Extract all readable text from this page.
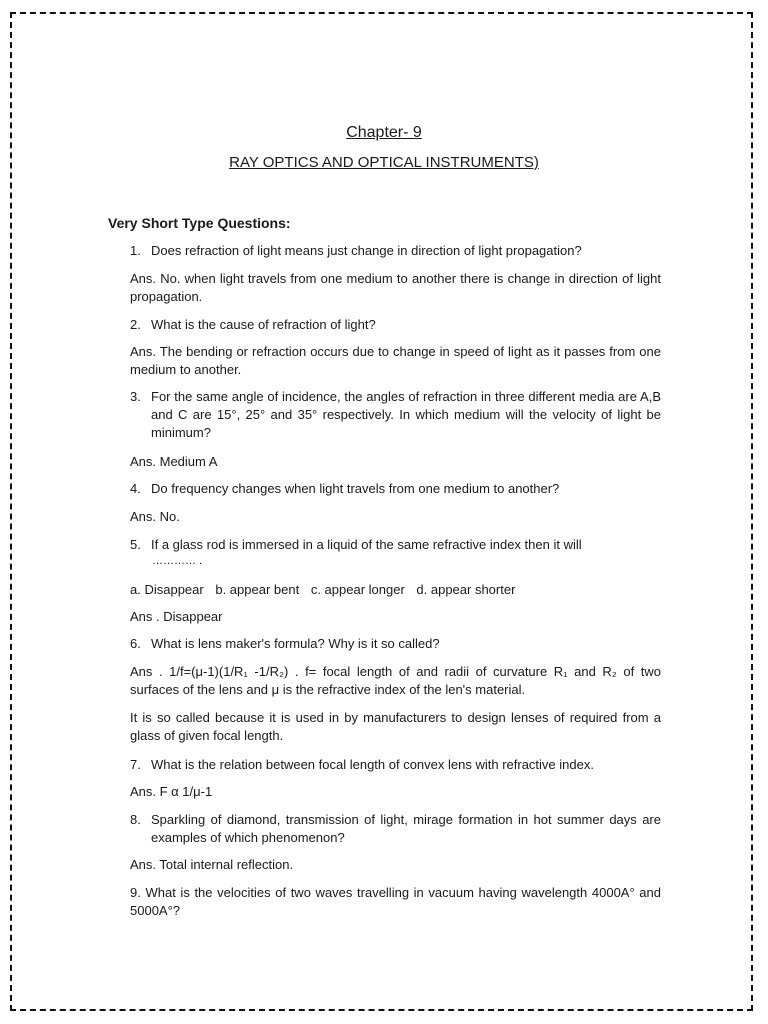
Chapter- 9
RAY OPTICS AND OPTICAL INSTRUMENTS)
Very Short Type Questions:
1. Does refraction of light means just change in direction of light propagation?
Ans. No. when light travels from one medium to another there is change in direction of light propagation.
2. What is the cause of refraction of light?
Ans. The bending or refraction occurs due to change in speed of light as it passes from one medium to another.
3. For the same angle of incidence, the angles of refraction in three different media are A,B and C are 15°, 25° and 35° respectively. In which medium will the velocity of light be minimum?
Ans. Medium A
4. Do frequency changes when light travels from one medium to another?
Ans. No.
5. If a glass rod is immersed in a liquid of the same refractive index then it will
………… .
a. Disappear b. appear bent c. appear longer d. appear shorter
Ans . Disappear
6. What is lens maker's formula? Why is it so called?
Ans . 1/f=(μ-1)(1/R₁ -1/R₂) . f= focal length of and radii of curvature R₁ and R₂ of two surfaces of the lens and μ is the refractive index of the len's material.
It is so called because it is used in by manufacturers to design lenses of required from a glass of given focal length.
7. What is the relation between focal length of convex lens with refractive index.
Ans. F α 1/μ-1
8. Sparkling of diamond, transmission of light, mirage formation in hot summer days are examples of which phenomenon?
Ans. Total internal reflection.
9. What is the velocities of two waves travelling in vacuum having wavelength 4000A° and 5000A°?
